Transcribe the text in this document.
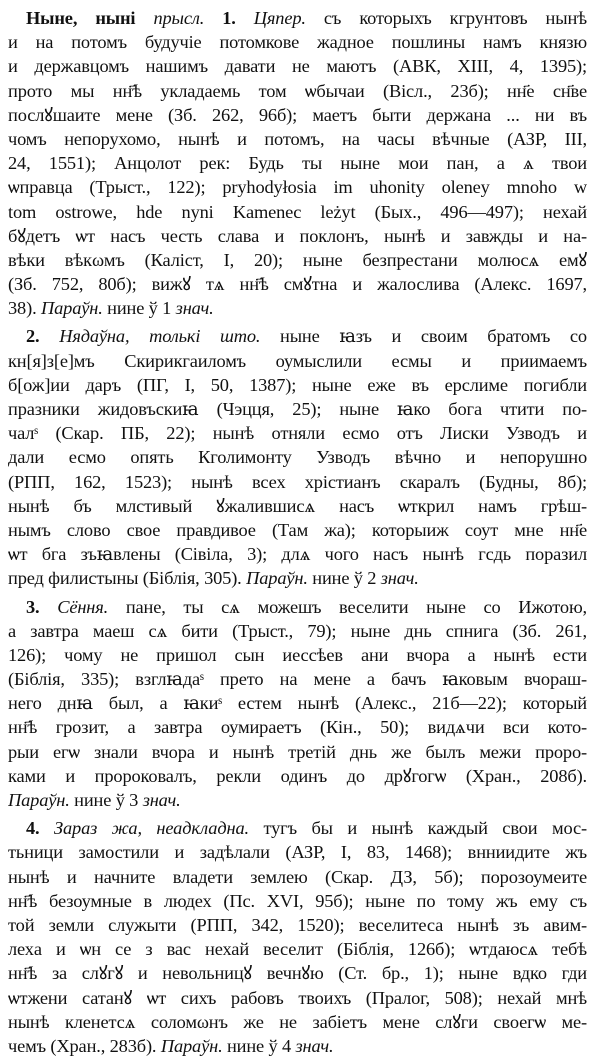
Ныне, нынi прысл. 1. Цяпер. съ которыхъ кгрунтовъ нынѣ
и на потомъ будучiе потомкове жадное пошлины намъ князю
и державцомъ нашимъ давати не маютъ (АВК, XIII, 4, 1395);
прото мы нн҃ѣ укладаемь том ѡбычаи (Вісл., 23б); нн҃е сн҃ве
послꙋшаите мене (Зб. 262, 96б); маетъ быти держана ... ни въ
чомъ непорухомо, нынѣ и потомъ, на часы вѣчные (АЗР, III,
24, 1551); Анцолот рек: Будь ты ныне мои пан, а ѧ твои
ѡправца (Трыст., 122); pryhodуłosia im uhonity oleney mnoho w
tom ostrowe, hde nyni Kamenec leżyt (Бых., 496—497); нехай
бꙋдетъ ѡт насъ честь слава и поклонъ, нынѣ и завжды и на-
вѣки вѣкωмъ (Каліст, I, 20); ныне безпрестани молюсѧ емꙋ
(Зб. 752, 80б); вижꙋ тѧ нн҃ѣ смꙋтна и жалослива (Алекс. 1697,
38). Параўн. нине ў 1 знач.
2. Нядаўна, толькі што. ныне ꙗзъ и своим братомъ со
кн[я]з[е]мъ Скирикгаиломъ оумыслили есмы и приимаемъ
б[ож]ии даръ (ПГ, I, 50, 1387); ныне еже въ ерслиме погибли
празники жидовъскиꙗ (Чэцця, 25); ныне ꙗко бога чтити по-
чалˢ (Скар. ПБ, 22); нынѣ отняли есмо отъ Лиски Узводъ и
дали есмо опять Кголимонту Узводъ вѣчно и непорушно
(РПП, 162, 1523); нынѣ всех хрістианъ скаралъ (Будны, 8б);
нынѣ бъ млстивый ꙋжалившисѧ насъ ѡткрил намъ грѣш-
нымъ слово свое правдивое (Там жа); которыиж соут мне нн҃е
ѡт бга зъꙗвлены (Сівіла, 3); длѧ чого насъ нынѣ гсдь поразил
пред филистыны (Біблія, 305). Параўн. нине ў 2 знач.
3. Сёння. пане, ты сѧ можешъ веселити ныне со Ижотою,
а завтра маеш сѧ бити (Трыст., 79); ныне днь спнига (Зб. 261,
126); чому не пришол сын иессѣев ани вчора а нынѣ ести
(Біблія, 335); взглꙗдаˢ прето на мене а бачъ ꙗковым вчораш-
него днꙗ был, а ꙗкиˢ естем нынѣ (Алекс., 21б—22); который
нн҃ѣ грозит, а завтра оумираетъ (Кін., 50); видѧчи вси кото-
рыи егѡ знали вчора и нынѣ третiй днь же былъ межи проро-
ками и пророковалъ, рекли одинъ до дрꙋгогѡ (Хран., 208б).
Параўн. нине ў 3 знач.
4. Зараз жа, неадкладна. тугъ бы и нынѣ каждый свои мос-
тьници замостили и задѣлали (АЗР, I, 83, 1468); внниидите жъ
нынѣ и начните владети землею (Скар. ДЗ, 5б); порозоумеите
нн҃ѣ безоумные в людех (Пс. XVI, 95б); ныне по тому жъ ему съ
той земли служыти (РПП, 342, 1520); веселитеса нынѣ зъ авим-
лехa и ѡн се з вас нехай веселит (Біблія, 126б); ѡтдаюсѧ тебѣ
нн҃ѣ за слꙋгꙋ и невольницꙋ вечнꙋю (Ст. бр., 1); ныне вдко гди
ѡтжени сатанꙋ ѡт сихъ рабовъ твоихъ (Пралог, 508); нехай мнѣ
нынѣ кленетсѧ соломωнъ же не забiетъ мене слꙋги своегѡ ме-
чемъ (Хран., 283б). Параўн. нине ў 4 знач.
